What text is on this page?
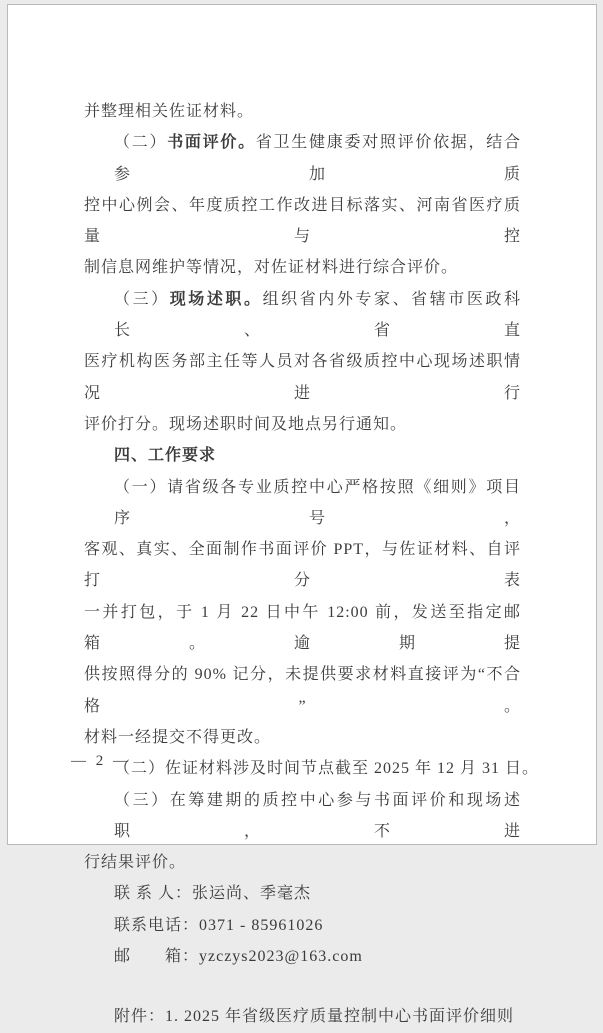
并整理相关佐证材料。
（二）书面评价。省卫生健康委对照评价依据，结合参加质
控中心例会、年度质控工作改进目标落实、河南省医疗质量与控
制信息网维护等情况，对佐证材料进行综合评价。
（三）现场述职。组织省内外专家、省辖市医政科长、省直
医疗机构医务部主任等人员对各省级质控中心现场述职情况进行
评价打分。现场述职时间及地点另行通知。
四、工作要求
（一）请省级各专业质控中心严格按照《细则》项目序号，
客观、真实、全面制作书面评价 PPT，与佐证材料、自评打分表
一并打包，于 1 月 22 日中午 12:00 前，发送至指定邮箱。逾期提
供按照得分的 90% 记分，未提供要求材料直接评为“不合格”。
材料一经提交不得更改。
（二）佐证材料涉及时间节点截至 2025 年 12 月 31 日。
（三）在筹建期的质控中心参与书面评价和现场述职，不进
行结果评价。
联 系 人：张运尚、季毫杰
联系电话：0371 - 85961026
邮　　箱：yzczys2023@163.com
附件：1. 2025 年省级医疗质量控制中心书面评价细则
— 2 —
